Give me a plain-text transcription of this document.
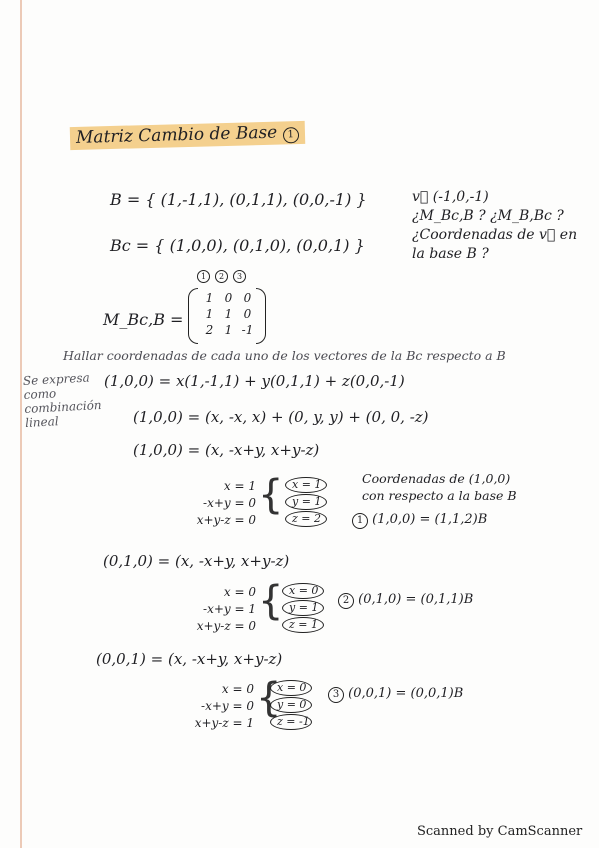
Matriz Cambio de Base 1
B = { (1,-1,1), (0,1,1), (0,0,-1) }
Bc = { (1,0,0), (0,1,0), (0,0,1) }
v⃗ (-1,0,-1)
¿M_Bc,B ? ¿M_B,Bc ?
¿Coordenadas de v⃗ en
la base B ?
1 2 3
M_Bc,B =
1	0	0
1	1	0
2	1	-1
Hallar coordenadas de cada uno de los vectores de la Bc respecto a B
Se expresa
como
combinación
lineal
(1,0,0) = x(1,-1,1) + y(0,1,1) + z(0,0,-1)
(1,0,0) = (x, -x, x) + (0, y, y) + (0, 0, -z)
(1,0,0) = (x, -x+y, x+y-z)
x = 1
-x+y = 0
x+y-z = 0
{ x = 1
y = 1
z = 2
Coordenadas de (1,0,0)
con respecto a la base B
1 (1,0,0) = (1,1,2)B
(0,1,0) = (x, -x+y, x+y-z)
x = 0
-x+y = 1
x+y-z = 0
{ x = 0
y = 1
z = 1
2 (0,1,0) = (0,1,1)B
(0,0,1) = (x, -x+y, x+y-z)
x = 0
-x+y = 0
x+y-z = 1
{
x = 0
y = 0
z = -1
3 (0,0,1) = (0,0,1)B
Scanned by CamScanner
